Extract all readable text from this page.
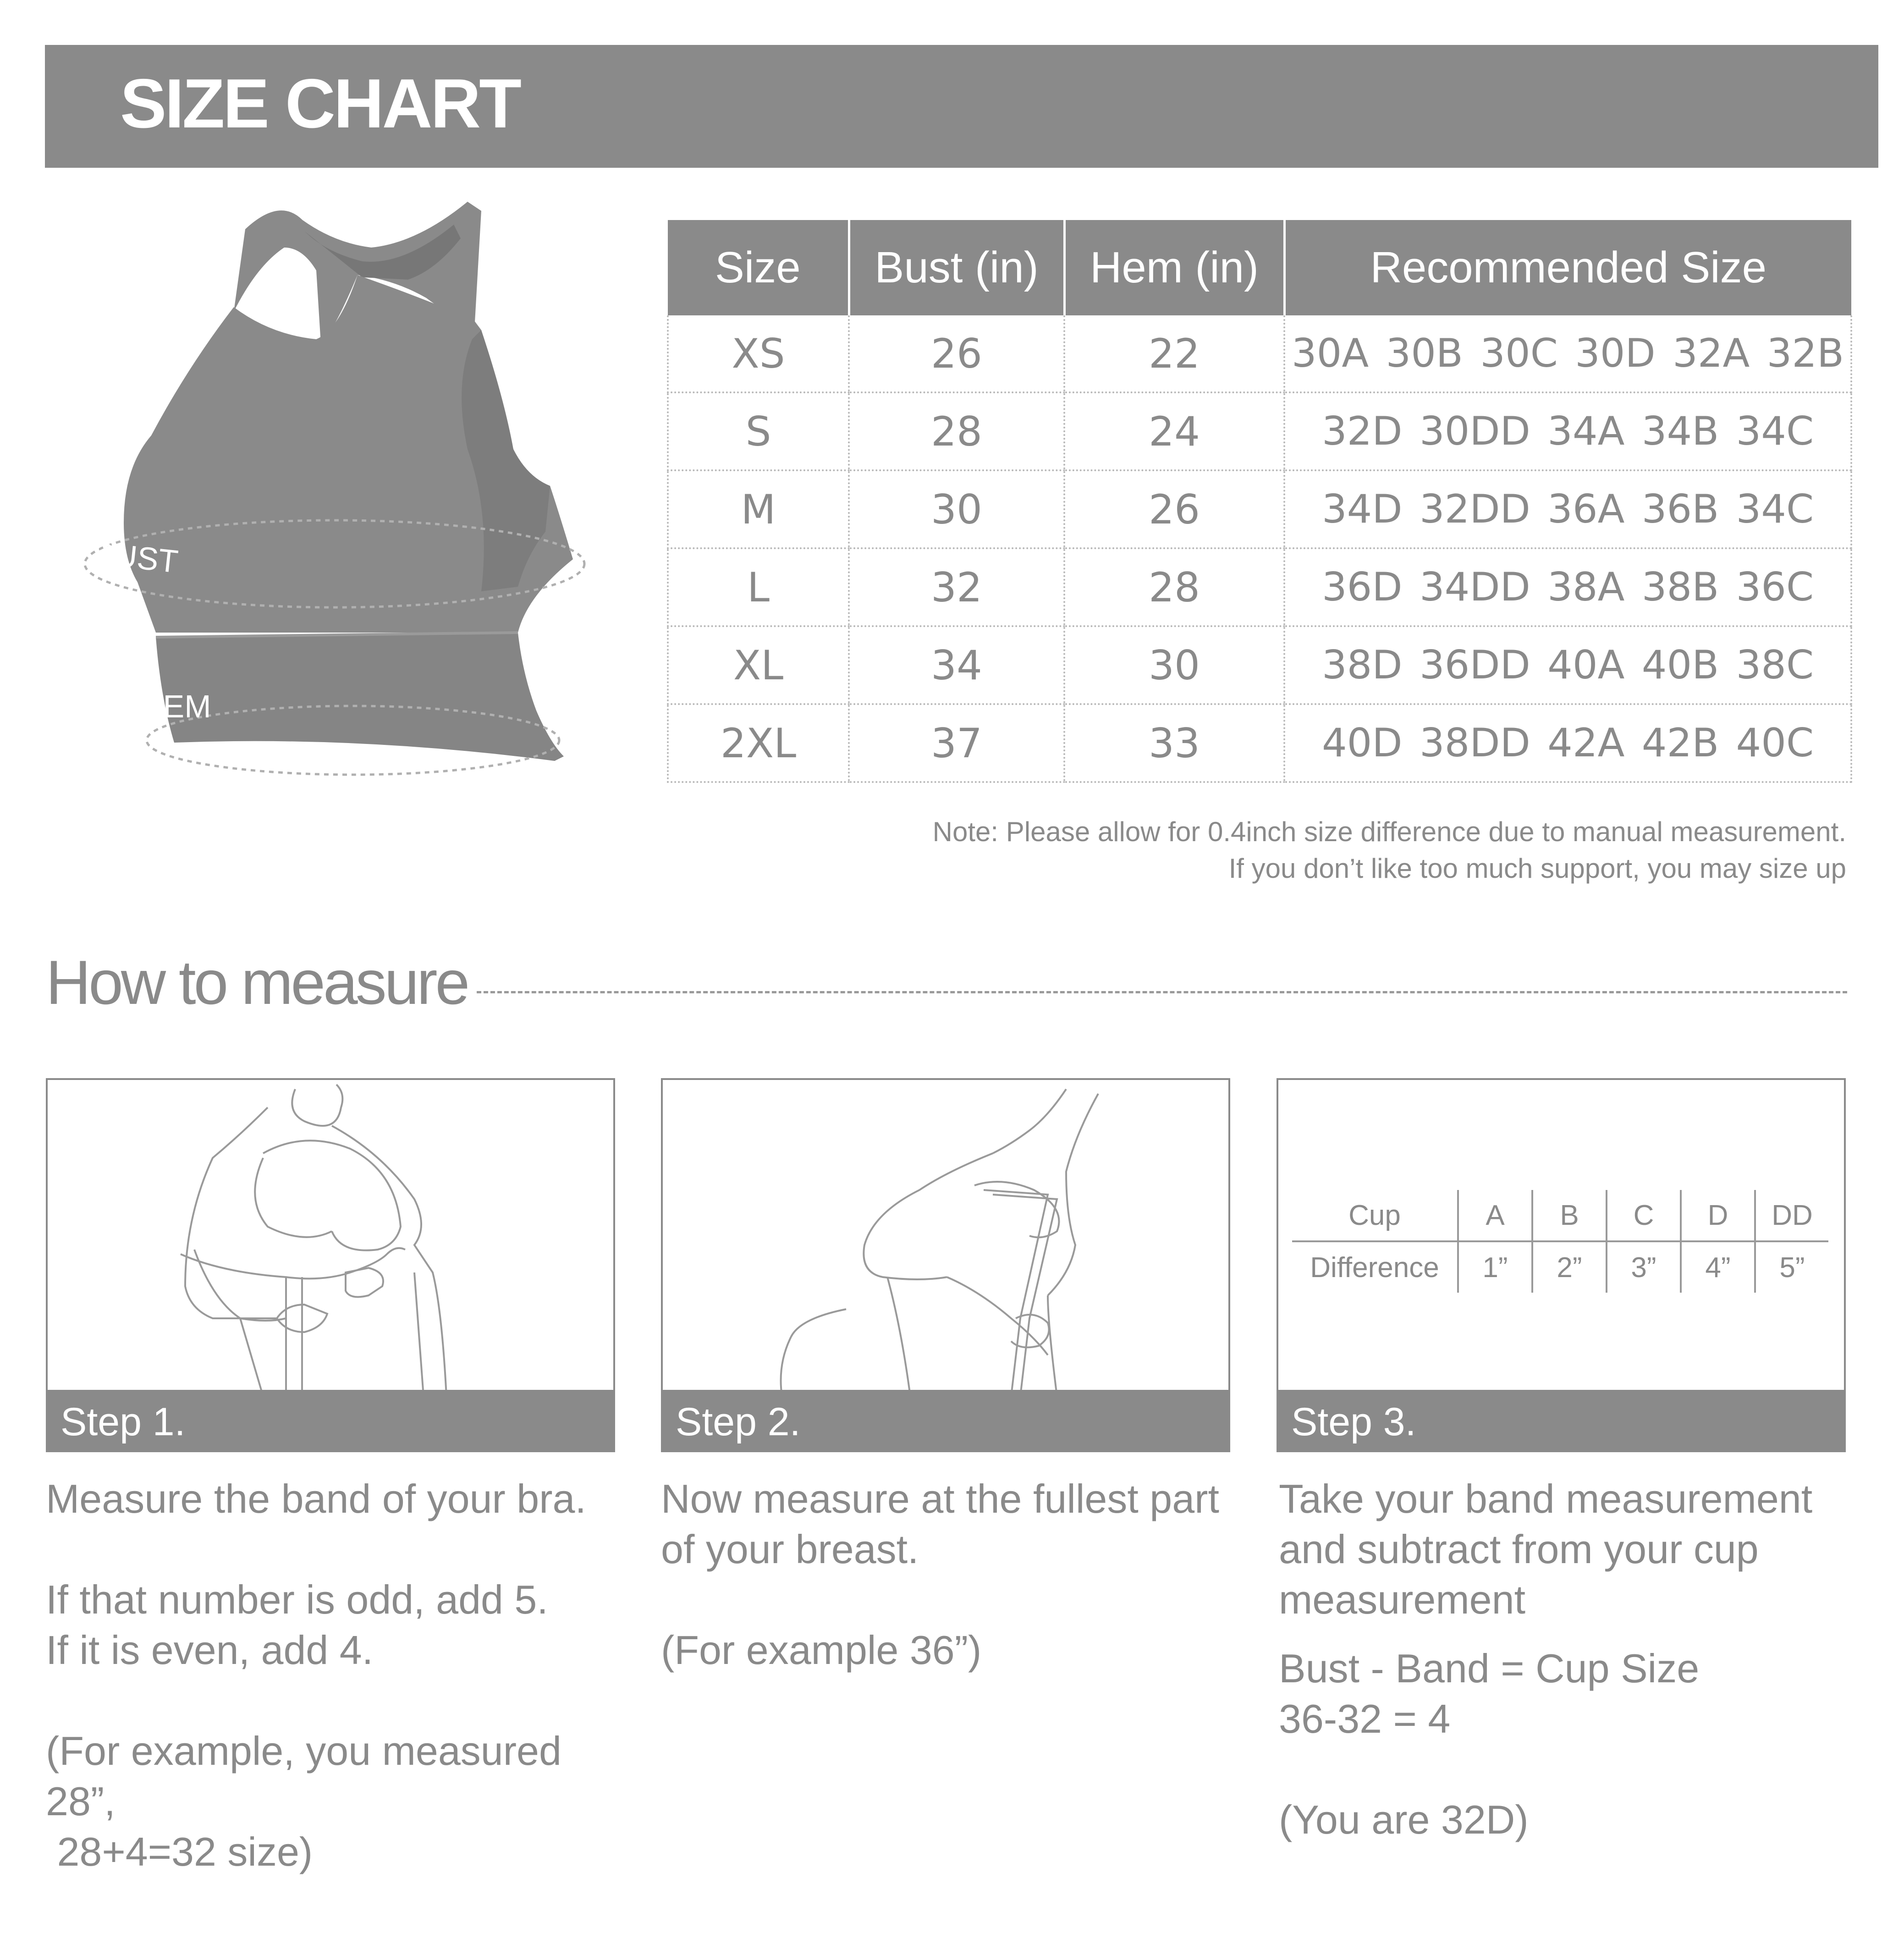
SIZE CHART
BUST
HEM
Size	Bust (in)	Hem (in)	Recommended Size
XS	26	22	30A 30B 30C 30D 32A 32B
S	28	24	32D 30DD 34A 34B 34C
M	30	26	34D 32DD 36A 36B 34C
L	32	28	36D 34DD 38A 38B 36C
XL	34	30	38D 36DD 40A 40B 38C
2XL	37	33	40D 38DD 42A 42B 40C
Note: Please allow for 0.4inch size difference due to manual measurement.
If you don’t like too much support, you may size up
How to measure
Step 1.	Step 2.
Cup	A	B	C	D	DD
Difference	1”	2”	3”	4”	5”
Step 3.

Measure the band of your bra.

If that number is odd, add 5.

If it is even, add 4.

(For example, you measured 28”,

28+4=32 size)

Now measure at the fullest part

of your breast.

(For example 36”)

Take your band measurement

and subtract from your cup

measurement

Bust - Band = Cup Size

36-32 = 4

(You are 32D)
